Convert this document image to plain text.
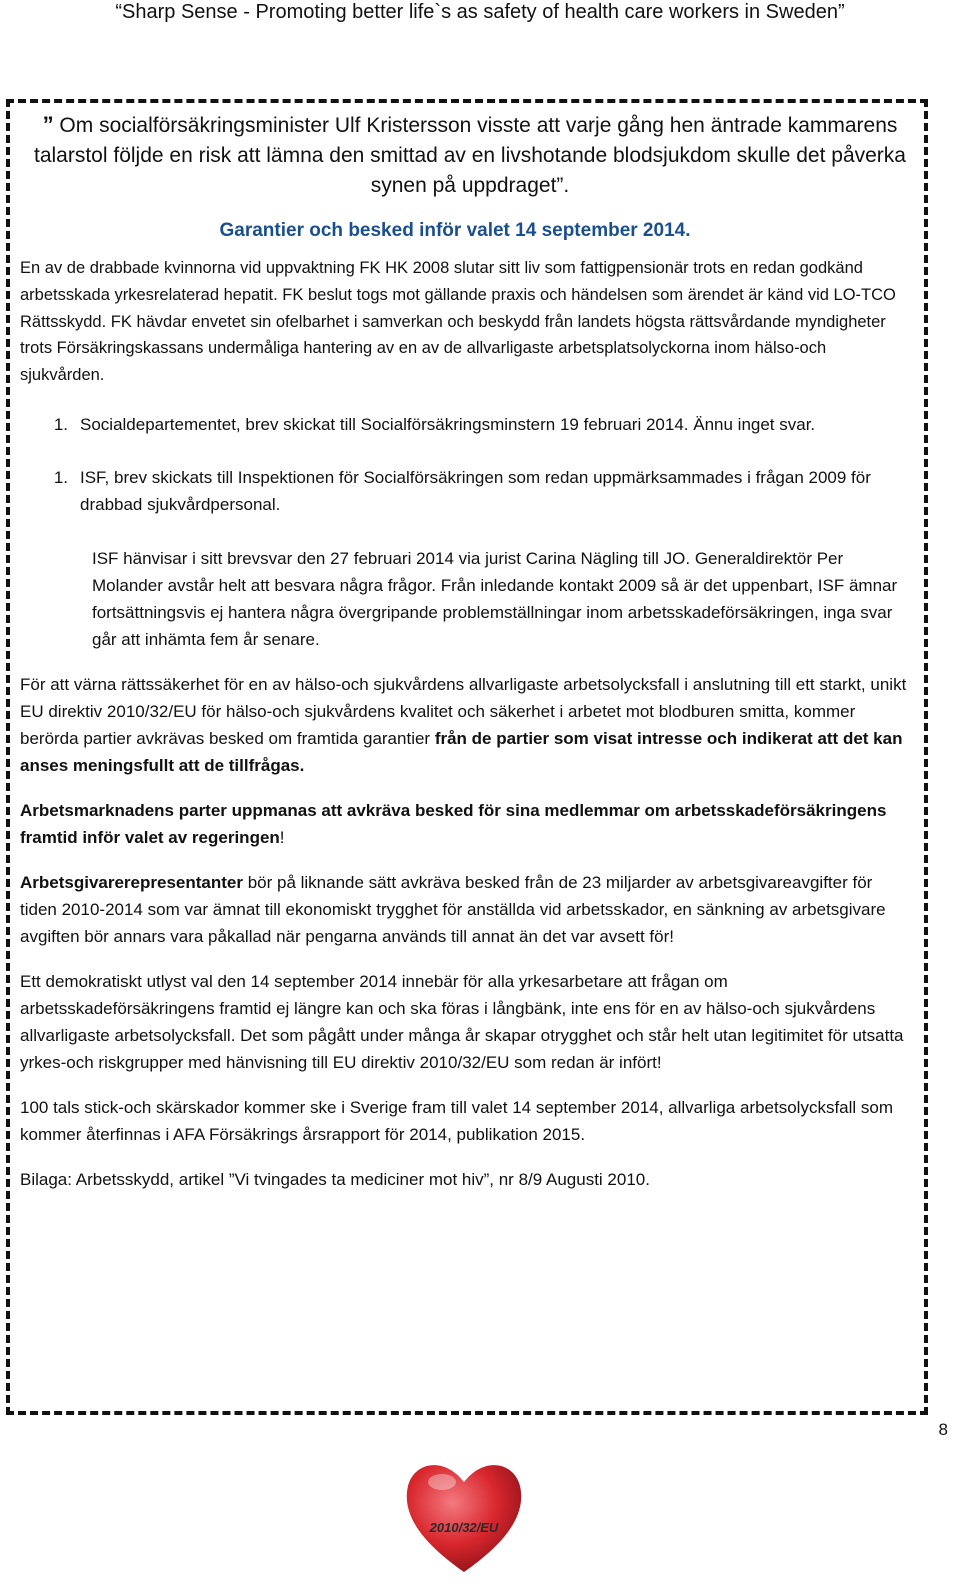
“Sharp Sense - Promoting better life`s as safety of health care workers in Sweden”

” Om socialförsäkringsminister Ulf Kristersson visste att varje gång hen äntrade kammarens talarstol följde en risk att lämna den smittad av en livshotande blodsjukdom skulle det påverka synen på uppdraget”.

Garantier och besked inför valet 14 september 2014.

En av de drabbade kvinnorna vid uppvaktning FK HK 2008 slutar sitt liv som fattigpensionär trots en redan godkänd arbetsskada yrkesrelaterad hepatit. FK beslut togs mot gällande praxis och händelsen som ärendet är känd vid LO-TCO Rättsskydd. FK hävdar envetet sin ofelbarhet i samverkan och beskydd från landets högsta rättsvårdande myndigheter trots Försäkringskassans undermåliga hantering av en av de allvarligaste arbetsplatsolyckorna inom hälso-och sjukvården.

1. Socialdepartementet, brev skickat till Socialförsäkringsminstern 19 februari 2014. Ännu inget svar.
1. ISF, brev skickats till Inspektionen för Socialförsäkringen som redan uppmärksammades i frågan 2009 för drabbad sjukvårdpersonal.

ISF hänvisar i sitt brevsvar den 27 februari 2014 via jurist Carina Nägling till JO. Generaldirektör Per Molander avstår helt att besvara några frågor. Från inledande kontakt 2009 så är det uppenbart, ISF ämnar fortsättningsvis ej hantera några övergripande problemställningar inom arbetsskadeförsäkringen, inga svar går att inhämta fem år senare.

För att värna rättssäkerhet för en av hälso-och sjukvårdens allvarligaste arbetsolycksfall i anslutning till ett starkt, unikt EU direktiv 2010/32/EU för hälso-och sjukvårdens kvalitet och säkerhet i arbetet mot blodburen smitta, kommer berörda partier avkrävas besked om framtida garantier från de partier som visat intresse och indikerat att det kan anses meningsfullt att de tillfrågas.

Arbetsmarknadens parter uppmanas att avkräva besked för sina medlemmar om arbetsskadeförsäkringens framtid inför valet av regeringen!

Arbetsgivarerepresentanter bör på liknande sätt avkräva besked från de 23 miljarder av arbetsgivareavgifter för tiden 2010-2014 som var ämnat till ekonomiskt trygghet för anställda vid arbetsskador, en sänkning av arbetsgivare avgiften bör annars vara påkallad när pengarna används till annat än det var avsett för!

Ett demokratiskt utlyst val den 14 september 2014 innebär för alla yrkesarbetare att frågan om arbetsskadeförsäkringens framtid ej längre kan och ska föras i långbänk, inte ens för en av hälso-och sjukvårdens allvarligaste arbetsolycksfall. Det som pågått under många år skapar otrygghet och står helt utan legitimitet för utsatta yrkes-och riskgrupper med hänvisning till EU direktiv 2010/32/EU som redan är infört!

100 tals stick-och skärskador kommer ske i Sverige fram till valet 14 september 2014, allvarliga arbetsolycksfall som kommer återfinnas i AFA Försäkrings årsrapport för 2014, publikation 2015.

Bilaga: Arbetsskydd, artikel ”Vi tvingades ta mediciner mot hiv”, nr 8/9 Augusti 2010.

8
2010/32/EU
